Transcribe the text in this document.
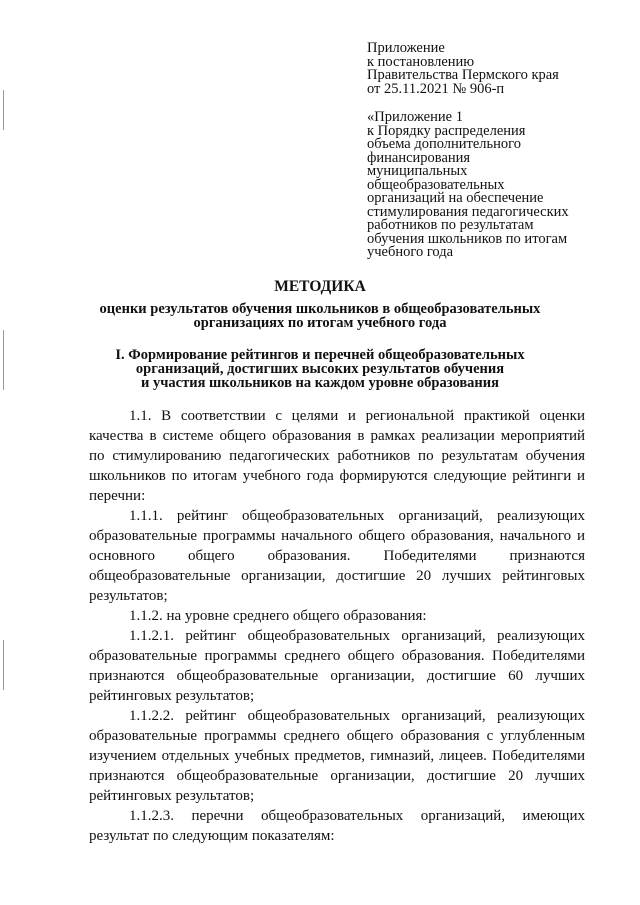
Приложение

к постановлению

Правительства Пермского края

от 25.11.2021 № 906-п

«Приложение 1

к Порядку распределения

объема дополнительного

финансирования

муниципальных

общеобразовательных

организаций на обеспечение

стимулирования педагогических

работников по результатам

обучения школьников по итогам

учебного года

МЕТОДИКА
оценки результатов обучения школьников в общеобразовательных
организациях по итогам учебного года
I. Формирование рейтингов и перечней общеобразовательных
организаций, достигших высоких результатов обучения
и участия школьников на каждом уровне образования

1.1. В соответствии с целями и региональной практикой оценки качества в системе общего образования в рамках реализации мероприятий по стимулированию педагогических работников по результатам обучения школьников по итогам учебного года формируются следующие рейтинги и перечни:

1.1.1. рейтинг общеобразовательных организаций, реализующих образовательные программы начального общего образования, начального и основного общего образования. Победителями признаются общеобразовательные организации, достигшие 20 лучших рейтинговых результатов;

1.1.2. на уровне среднего общего образования:

1.1.2.1. рейтинг общеобразовательных организаций, реализующих образовательные программы среднего общего образования. Победителями признаются общеобразовательные организации, достигшие 60 лучших рейтинговых результатов;

1.1.2.2. рейтинг общеобразовательных организаций, реализующих образовательные программы среднего общего образования с углубленным изучением отдельных учебных предметов, гимназий, лицеев. Победителями признаются общеобразовательные организации, достигшие 20 лучших рейтинговых результатов;

1.1.2.3. перечни общеобразовательных организаций, имеющих результат по следующим показателям:
